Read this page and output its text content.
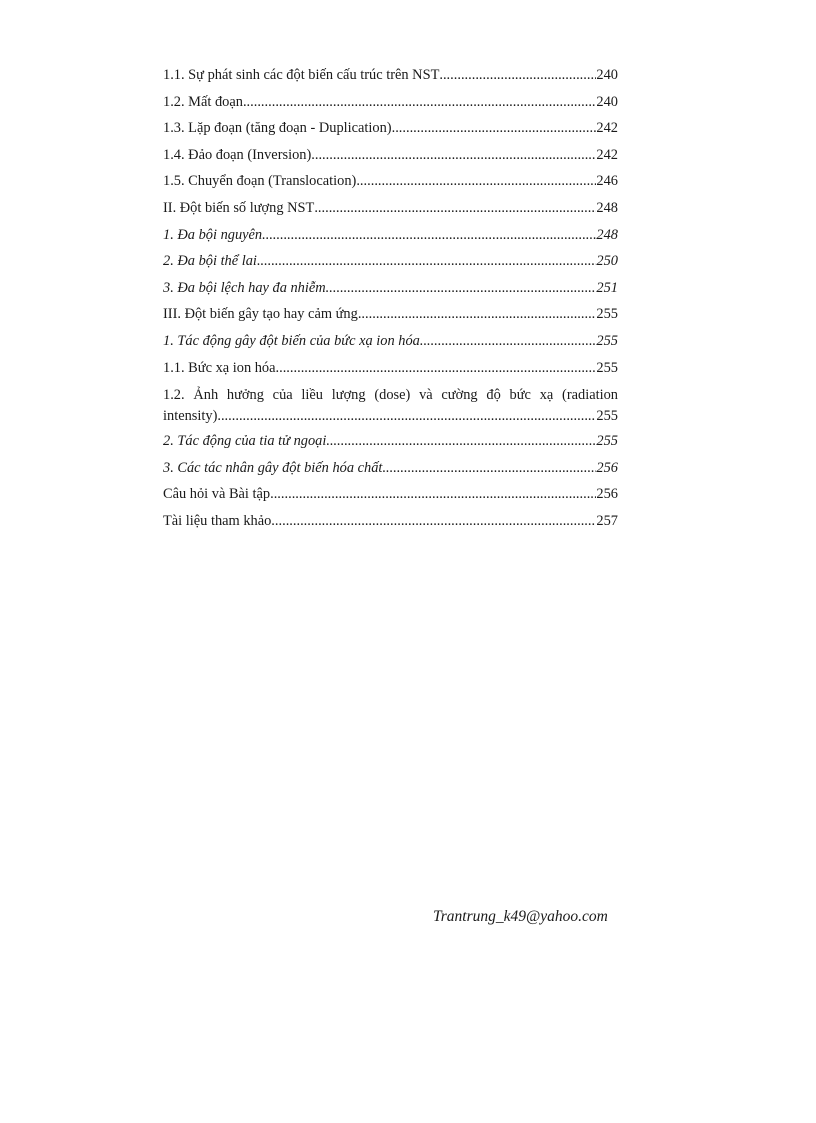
1.1. Sự phát sinh các đột biến cấu trúc trên NST .....	240
1.2. Mất đoạn .....	240
1.3. Lặp đoạn (tăng đoạn - Duplication) .....	242
1.4. Đảo đoạn (Inversion) .....	242
1.5. Chuyển đoạn (Translocation) .....	246
II. Đột biến số lượng NST .....	248
1. Đa bội nguyên .....	248
2. Đa bội thể lai .....	250
3. Đa bội lệch hay đa nhiễm .....	251
III. Đột biến gây tạo hay cảm ứng .....	255
1. Tác động gây đột biến của bức xạ ion hóa .....	255
1.1. Bức xạ ion hóa .....	255
1.2. Ảnh hưởng của liều lượng (dose) và cường độ bức xạ (radiation
intensity) .....	255
2. Tác động của tia tử ngoại .....	255
3. Các tác nhân gây đột biến hóa chất .....	256
Câu hỏi và Bài tập .....	256
Tài liệu tham khảo .....	257
Trantrung_k49@yahoo.com
